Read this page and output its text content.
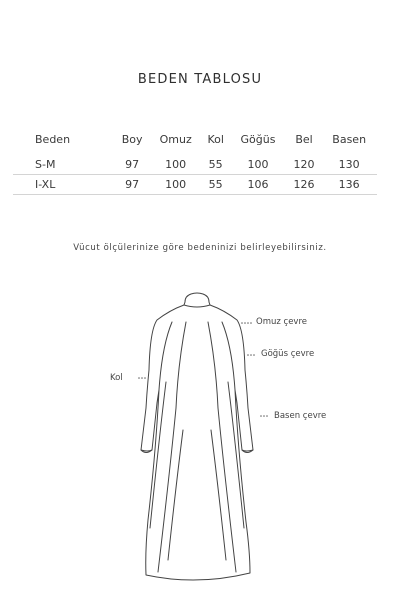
BEDEN TABLOSU
Beden	Boy	Omuz	Kol	Göğüs	Bel	Basen
S-M	97	100	55	100	120	130
I-XL	97	100	55	106	126	136
Vücut ölçülerinize göre bedeninizi belirleyebilirsiniz.
Omuz çevre
Göğüs çevre
Kol
Basen çevre
